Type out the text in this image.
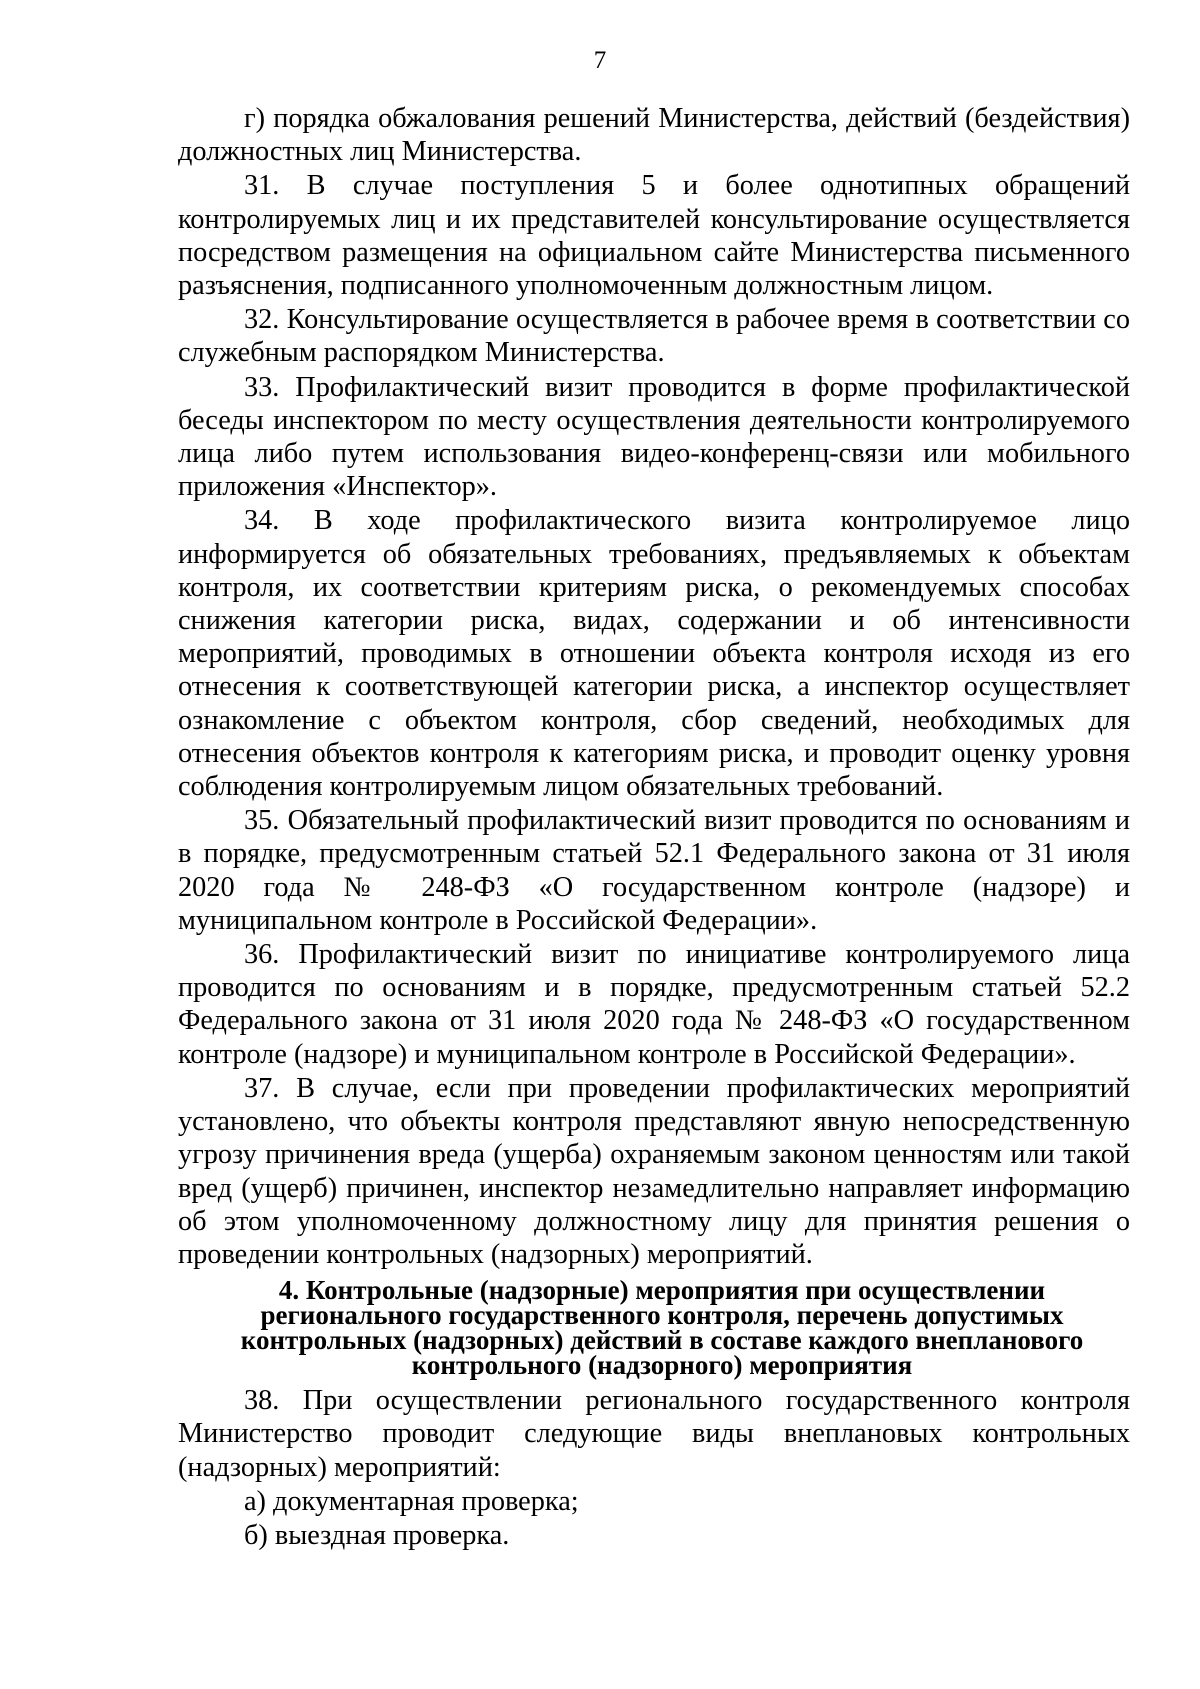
7

г) порядка обжалования решений Министерства, действий (бездействия) должностных лиц Министерства.

31. В случае поступления 5 и более однотипных обращений контролируемых лиц и их представителей консультирование осуществляется посредством размещения на официальном сайте Министерства письменного разъяснения, подписанного уполномоченным должностным лицом.

32. Консультирование осуществляется в рабочее время в соответствии со служебным распорядком Министерства.

33. Профилактический визит проводится в форме профилактической беседы инспектором по месту осуществления деятельности контролируемого лица либо путем использования видео-конференц-связи или мобильного приложения «Инспектор».

34. В ходе профилактического визита контролируемое лицо информируется об обязательных требованиях, предъявляемых к объектам контроля, их соответствии критериям риска, о рекомендуемых способах снижения категории риска, видах, содержании и об интенсивности мероприятий, проводимых в отношении объекта контроля исходя из его отнесения к соответствующей категории риска, а инспектор осуществляет ознакомление с объектом контроля, сбор сведений, необходимых для отнесения объектов контроля к категориям риска, и проводит оценку уровня соблюдения контролируемым лицом обязательных требований.

35. Обязательный профилактический визит проводится по основаниям и в порядке, предусмотренным статьей 52.1 Федерального закона от 31 июля 2020 года № 248-ФЗ «О государственном контроле (надзоре) и муниципальном контроле в Российской Федерации».

36. Профилактический визит по инициативе контролируемого лица проводится по основаниям и в порядке, предусмотренным статьей 52.2 Федерального закона от 31 июля 2020 года № 248-ФЗ «О государственном контроле (надзоре) и муниципальном контроле в Российской Федерации».

37. В случае, если при проведении профилактических мероприятий установлено, что объекты контроля представляют явную непосредственную угрозу причинения вреда (ущерба) охраняемым законом ценностям или такой вред (ущерб) причинен, инспектор незамедлительно направляет информацию об этом уполномоченному должностному лицу для принятия решения о проведении контрольных (надзорных) мероприятий.

4. Контрольные (надзорные) мероприятия при осуществлении
регионального государственного контроля, перечень допустимых
контрольных (надзорных) действий в составе каждого внепланового
контрольного (надзорного) мероприятия

38. При осуществлении регионального государственного контроля Министерство проводит следующие виды внеплановых контрольных (надзорных) мероприятий:

а) документарная проверка;

б) выездная проверка.
